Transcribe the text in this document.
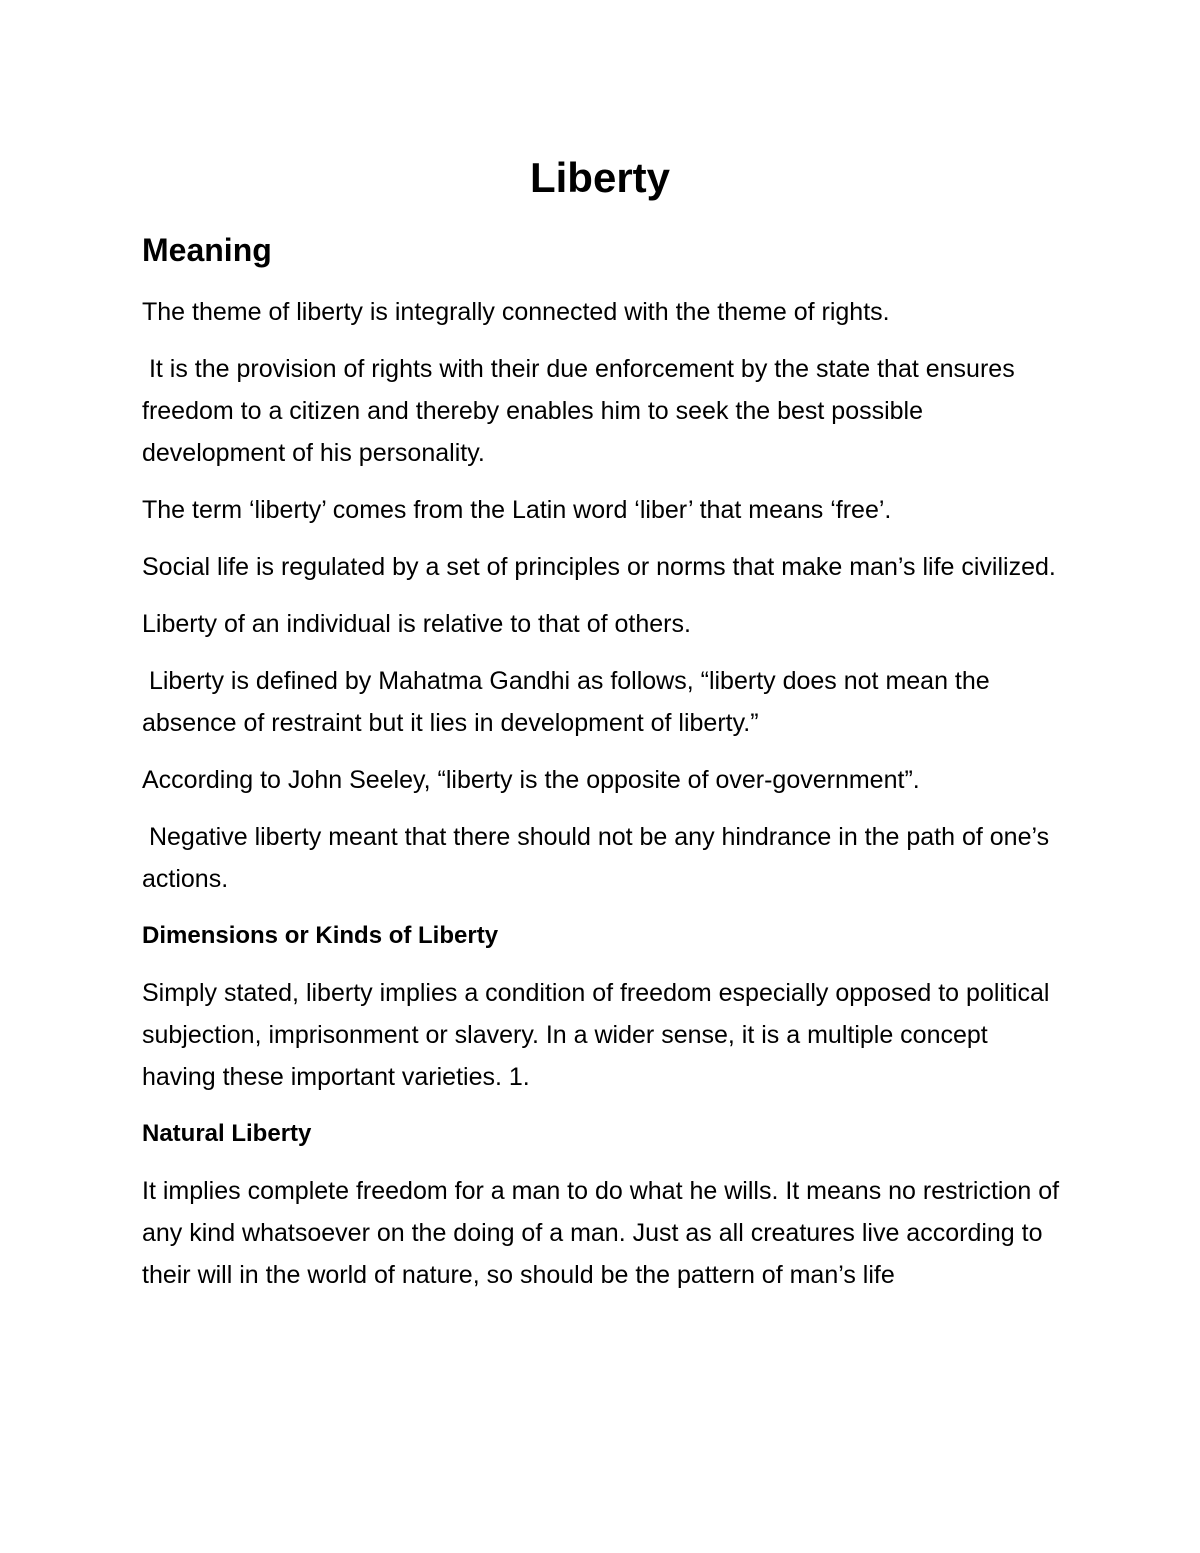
Liberty
Meaning

The theme of liberty is integrally connected with the theme of rights.

It is the provision of rights with their due enforcement by the state that ensures freedom to a citizen and thereby enables him to seek the best possible development of his personality.

The term ‘liberty’ comes from the Latin word ‘liber’ that means ‘free’.

Social life is regulated by a set of principles or norms that make man’s life civilized.

Liberty of an individual is relative to that of others.

Liberty is defined by Mahatma Gandhi as follows, “liberty does not mean the absence of restraint but it lies in development of liberty.”

According to John Seeley, “liberty is the opposite of over-government”.

Negative liberty meant that there should not be any hindrance in the path of one’s actions.

Dimensions or Kinds of Liberty

Simply stated, liberty implies a condition of freedom especially opposed to political subjection, imprisonment or slavery. In a wider sense, it is a multiple concept having these important varieties. 1.

Natural Liberty

It implies complete freedom for a man to do what he wills. It means no restriction of any kind whatsoever on the doing of a man. Just as all creatures live according to their will in the world of nature, so should be the pattern of man’s life
